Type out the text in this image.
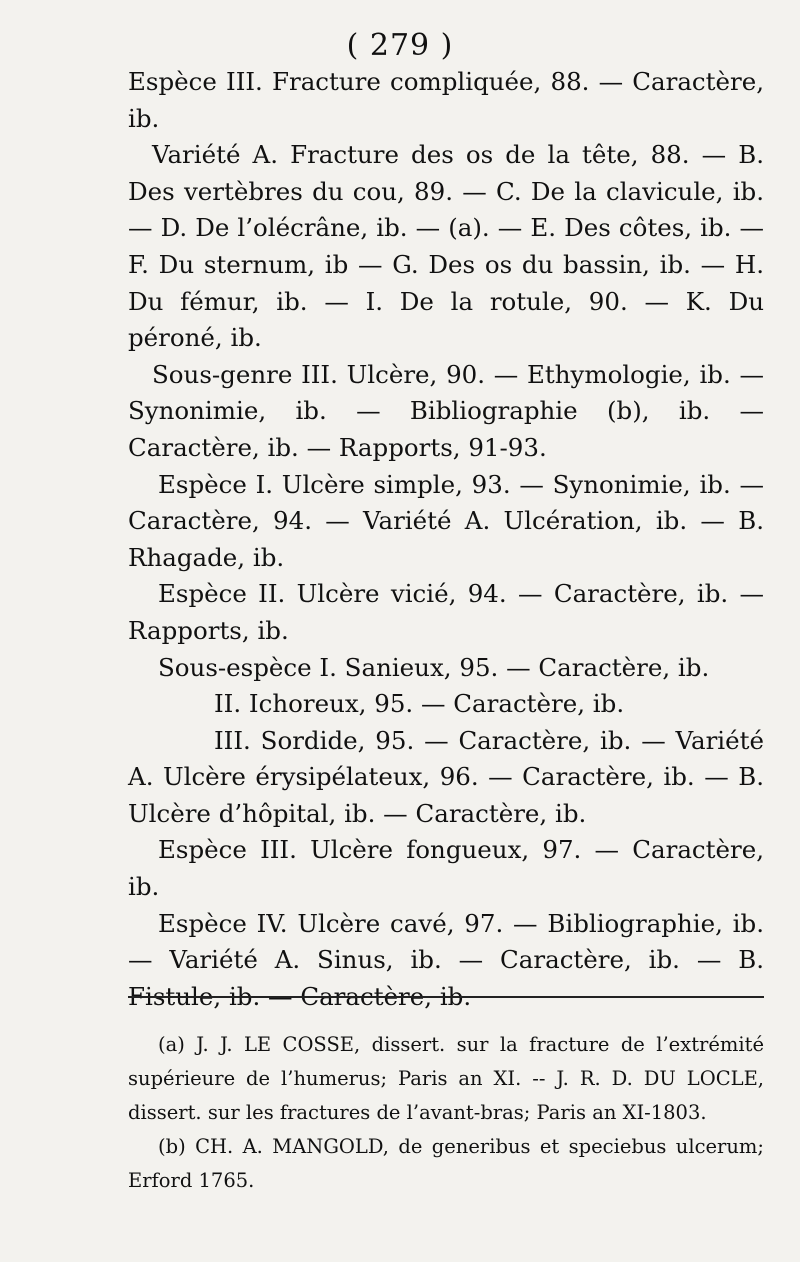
( 279 )

Espèce III. Fracture compliquée, 88. — Caractère, ib.

Variété A. Fracture des os de la tête, 88. — B. Des vertèbres du cou, 89. — C. De la clavicule, ib. — D. De l’olécrâne, ib. — (a). — E. Des côtes, ib. — F. Du sternum, ib — G. Des os du bassin, ib. — H. Du fémur, ib. — I. De la rotule, 90. — K. Du péroné, ib.

Sous-genre III. Ulcère, 90. — Ethymologie, ib. — Synonimie, ib. — Bibliographie (b), ib. — Caractère, ib. — Rapports, 91-93.

Espèce I. Ulcère simple, 93. — Synonimie, ib. — Caractère, 94. — Variété A. Ulcération, ib. — B. Rhagade, ib.

Espèce II. Ulcère vicié, 94. — Caractère, ib. — Rapports, ib.

Sous-espèce I. Sanieux, 95. — Caractère, ib.

II. Ichoreux, 95. — Caractère, ib.

III. Sordide, 95. — Caractère, ib. — Variété A. Ulcère érysipélateux, 96. — Caractère, ib. — B. Ulcère d’hôpital, ib. — Caractère, ib.

Espèce III. Ulcère fongueux, 97. — Caractère, ib.

Espèce IV. Ulcère cavé, 97. — Bibliographie, ib. — Variété A. Sinus, ib. — Caractère, ib. — B. Fistule, ib. — Caractère, ib.

(a) J. J. LE COSSE, dissert. sur la fracture de l’extrémité supérieure de l’humerus; Paris an XI. -- J. R. D. DU LOCLE, dissert. sur les fractures de l’avant-bras; Paris an XI-1803.

(b) CH. A. MANGOLD, de generibus et speciebus ulcerum; Erford 1765.
